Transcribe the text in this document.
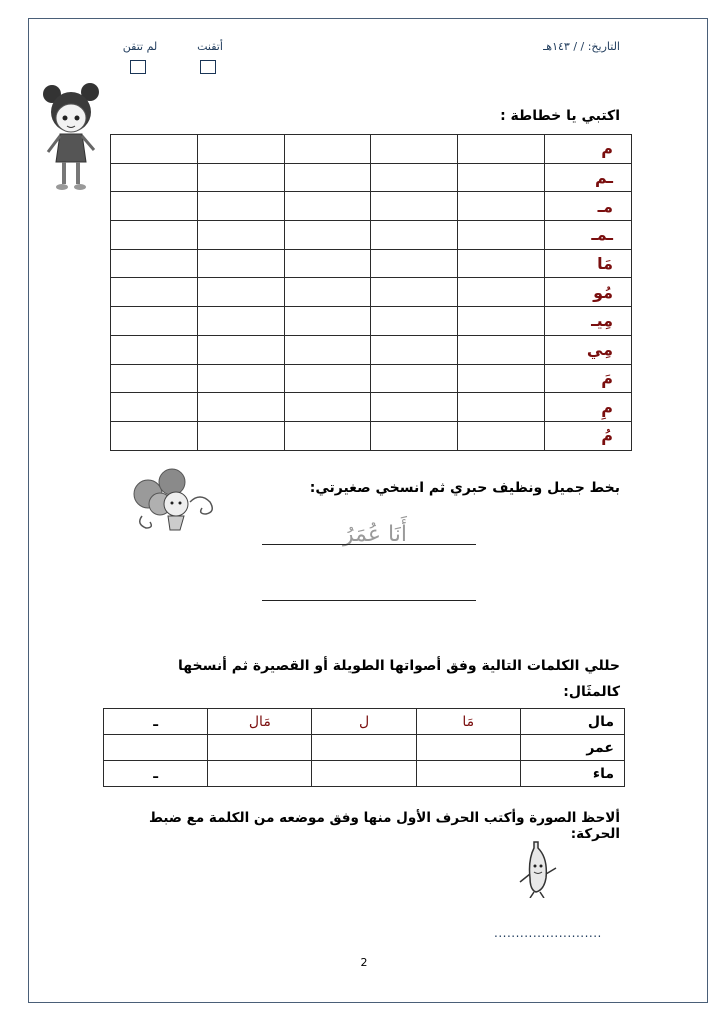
التاريخ: / / ١٤٣هـ
أتقنت
لم تتقن
اكتبي يا خطاطة :
م					
ـم					
مـ					
ـمـ					
مَا					
مُو					
مِيـ					
مِي					
مَ					
مِ					
مُ					
بخط جميل ونظيف حبري ثم انسخي صغيرتي:
أَنَا عُمَرُ
حللي الكلمات التالية وفق أصواتها الطويلة أو القصيرة ثم أنسخها
كالمثَال:
مال	مَا	ل	مَال	ـ
عمر				
ماء				ـ
ألاحظ الصورة وأكتب الحرف الأول منها وفق موضعه من الكلمة مع ضبط الحركة:
.........................
2
